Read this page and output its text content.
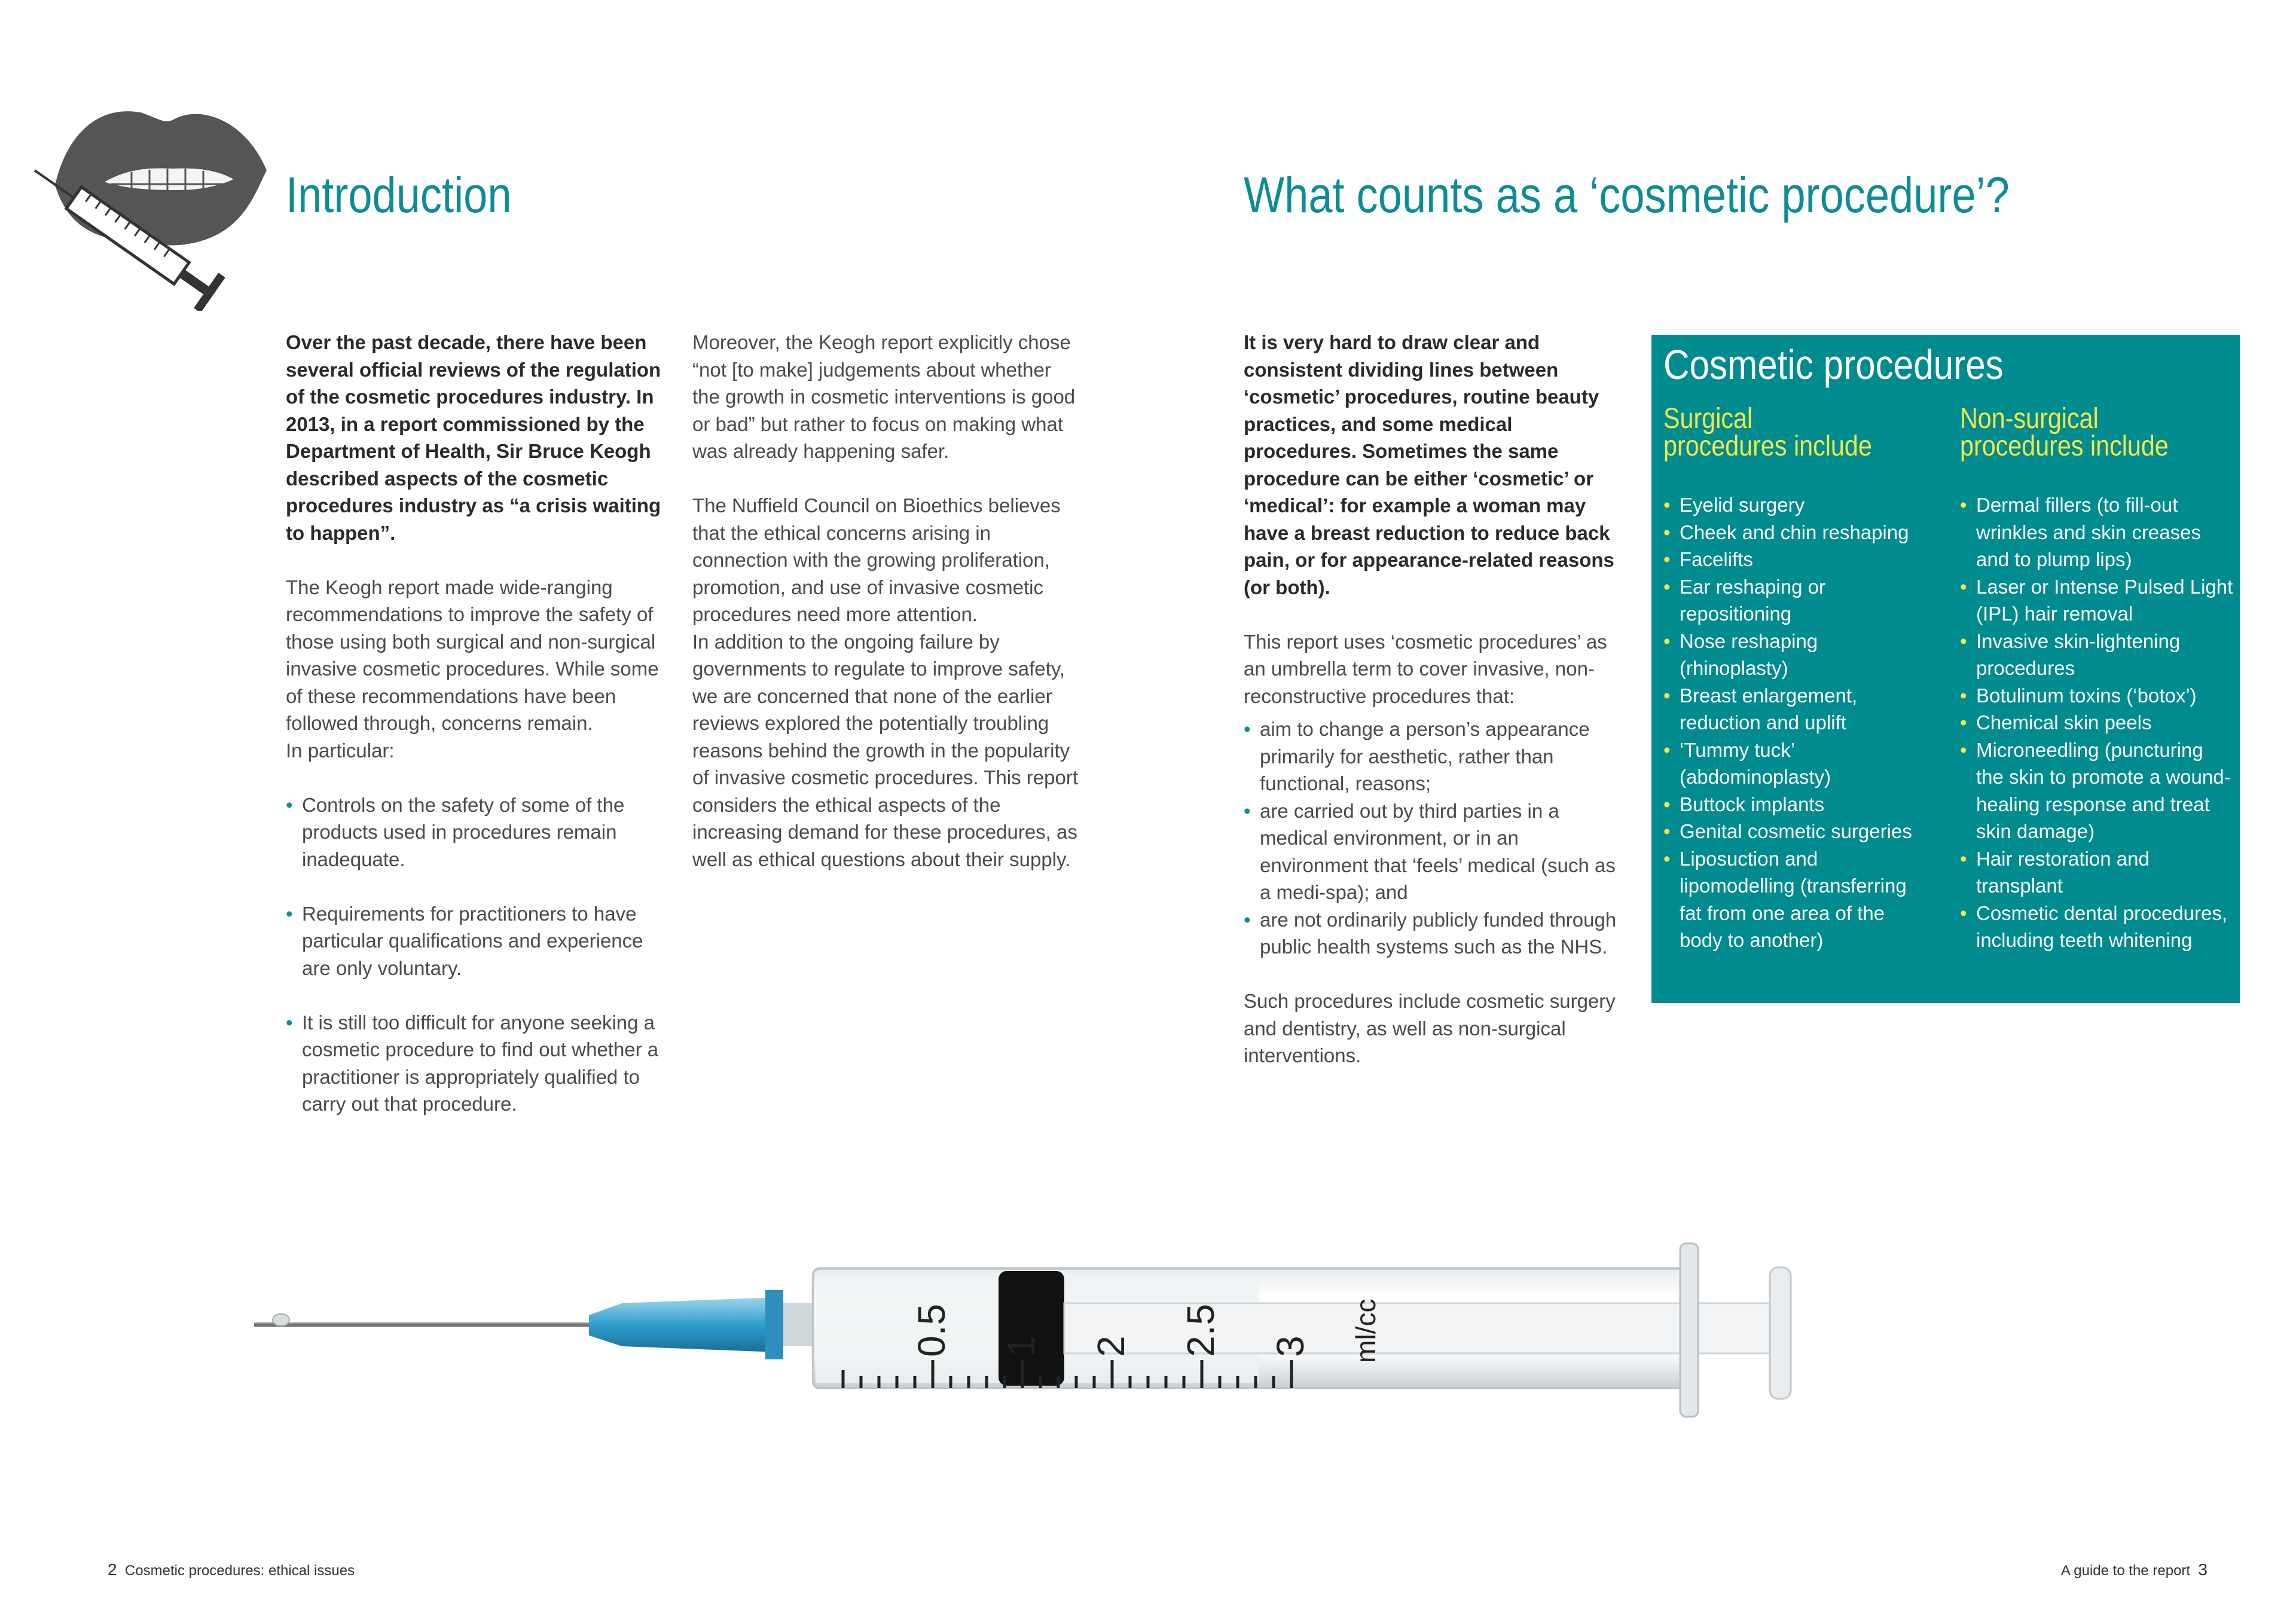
Introduction	What counts as a ‘cosmetic procedure’?

Over the past decade, there have been several official reviews of the regulation of the cosmetic procedures industry. In 2013, in a report commissioned by the Department of Health, Sir Bruce Keogh described aspects of the cosmetic procedures industry as “a crisis waiting to happen”.

The Keogh report made wide-ranging recommendations to improve the safety of those using both surgical and non-surgical invasive cosmetic procedures. While some of these recommendations have been followed through, concerns remain.

In particular:

• Controls on the safety of some of the products used in procedures remain inadequate.
• Requirements for practitioners to have particular qualifications and experience are only voluntary.
• It is still too difficult for anyone seeking a cosmetic procedure to find out whether a practitioner is appropriately qualified to carry out that procedure.

Moreover, the Keogh report explicitly chose “not [to make] judgements about whether the growth in cosmetic interventions is good or bad” but rather to focus on making what was already happening safer.

The Nuffield Council on Bioethics believes that the ethical concerns arising in connection with the growing proliferation, promotion, and use of invasive cosmetic procedures need more attention.
In addition to the ongoing failure by governments to regulate to improve safety, we are concerned that none of the earlier reviews explored the potentially troubling reasons behind the growth in the popularity of invasive cosmetic procedures. This report considers the ethical aspects of the increasing demand for these procedures, as well as ethical questions about their supply.

It is very hard to draw clear and consistent dividing lines between ‘cosmetic’ procedures, routine beauty practices, and some medical procedures. Sometimes the same procedure can be either ‘cosmetic’ or ‘medical’: for example a woman may have a breast reduction to reduce back pain, or for appearance-related reasons (or both).

This report uses ‘cosmetic procedures’ as an umbrella term to cover invasive, non-reconstructive procedures that:
• aim to change a person’s appearance primarily for aesthetic, rather than functional, reasons;
• are carried out by third parties in a medical environment, or in an environment that ‘feels’ medical (such as a medi-spa); and
• are not ordinarily publicly funded through public health systems such as the NHS.
Such procedures include cosmetic surgery and dentistry, as well as non-surgical interventions.
Cosmetic procedures
Surgical procedures include
Non-surgical procedures include
• Eyelid surgery
• Cheek and chin reshaping
• Facelifts
• Ear reshaping or repositioning
• Nose reshaping (rhinoplasty)
• Breast enlargement, reduction and uplift
• ‘Tummy tuck’ (abdominoplasty)
• Buttock implants
• Genital cosmetic surgeries
• Liposuction and lipomodelling (transferring fat from one area of the body to another)
• Dermal fillers (to fill-out wrinkles and skin creases and to plump lips)
• Laser or Intense Pulsed Light (IPL) hair removal
• Invasive skin-lightening procedures
• Botulinum toxins (‘botox’)
• Chemical skin peels
• Microneedling (puncturing the skin to promote a wound-healing response and treat skin damage)
• Hair restoration and transplant
• Cosmetic dental procedures, including teeth whitening
0.5 1 2 2.5 3 ml/cc
2 Cosmetic procedures: ethical issues	A guide to the report 3
